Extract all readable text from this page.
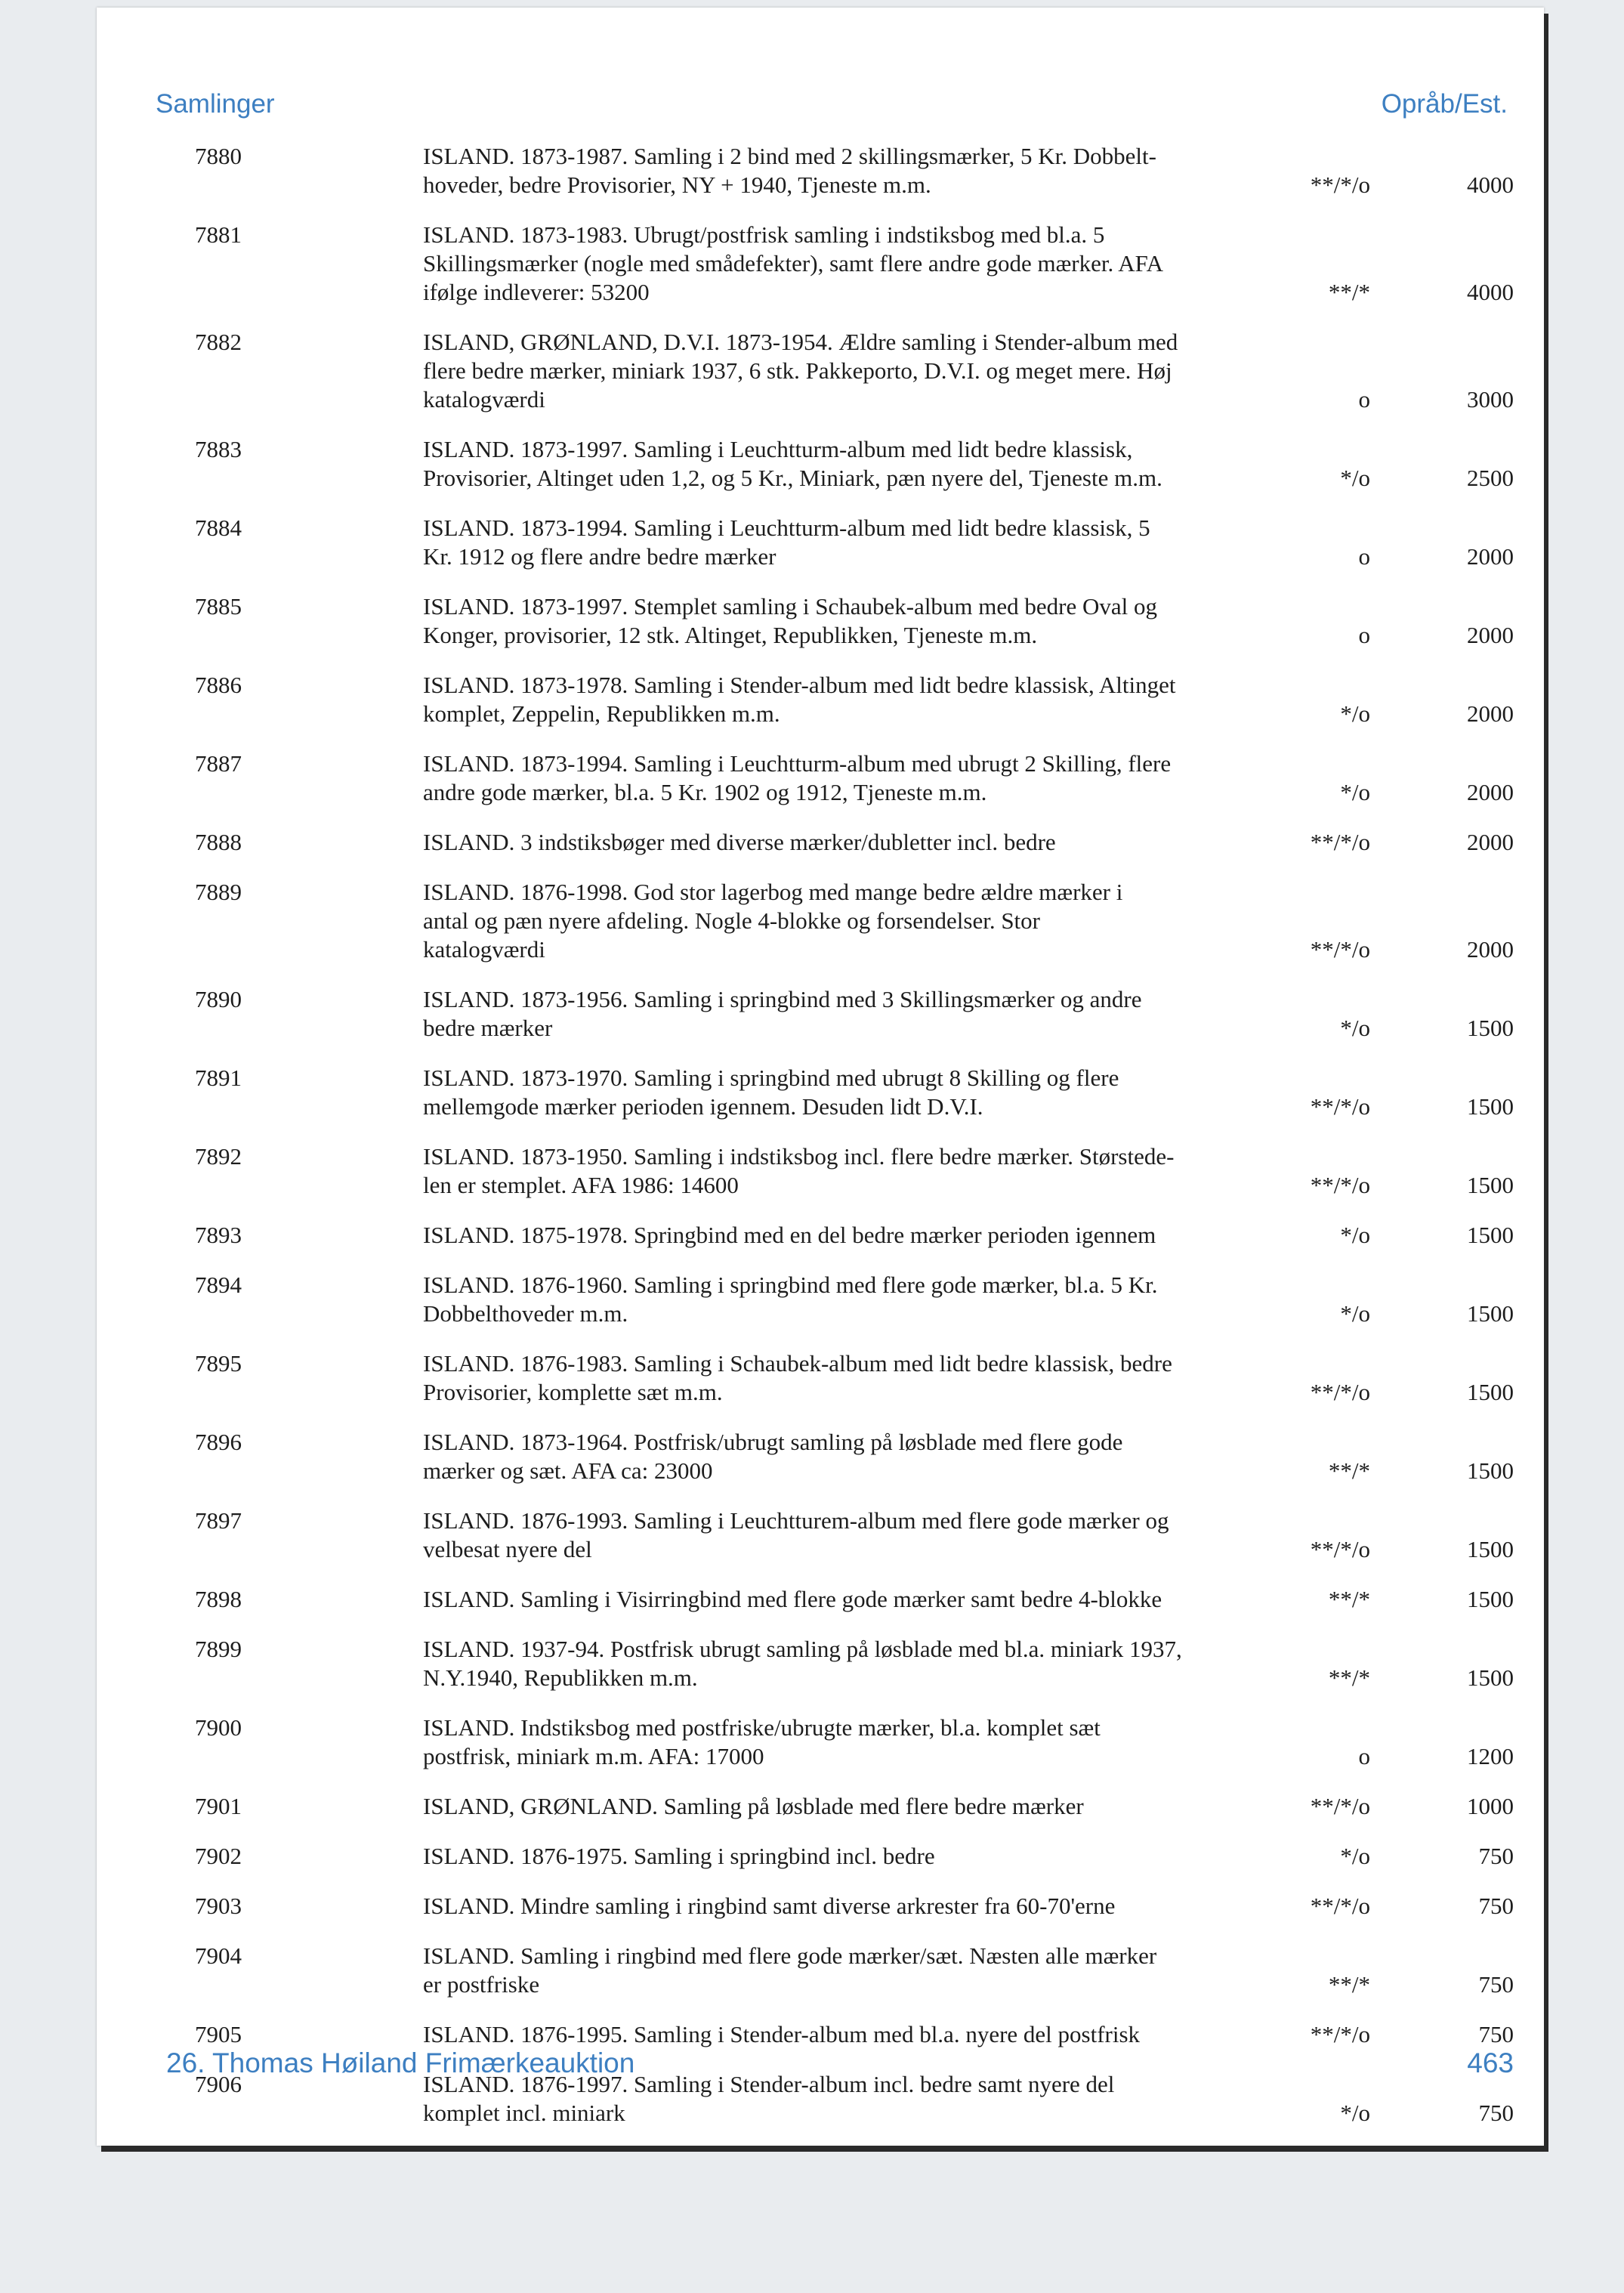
Samlinger	Opråb/Est.
7880	ISLAND. 1873-1987. Samling i 2 bind med 2 skillingsmærker, 5 Kr. Dobbelt-
hoveder, bedre Provisorier, NY + 1940, Tjeneste m.m.	**/*/o	4000
7881	ISLAND. 1873-1983. Ubrugt/postfrisk samling i indstiksbog med bl.a. 5
Skillingsmærker (nogle med smådefekter), samt flere andre gode mærker. AFA
ifølge indleverer: 53200	**/*	4000
7882	ISLAND, GRØNLAND, D.V.I. 1873-1954. Ældre samling i Stender-album med
flere bedre mærker, miniark 1937, 6 stk. Pakkeporto, D.V.I. og meget mere. Høj
katalogværdi	o	3000
7883	ISLAND. 1873-1997. Samling i Leuchtturm-album med lidt bedre klassisk,
Provisorier, Altinget uden 1,2, og 5 Kr., Miniark, pæn nyere del, Tjeneste m.m.	*/o	2500
7884	ISLAND. 1873-1994. Samling i Leuchtturm-album med lidt bedre klassisk, 5
Kr. 1912 og flere andre bedre mærker	o	2000
7885	ISLAND. 1873-1997. Stemplet samling i Schaubek-album med bedre Oval og
Konger, provisorier, 12 stk. Altinget, Republikken, Tjeneste m.m.	o	2000
7886	ISLAND. 1873-1978. Samling i Stender-album med lidt bedre klassisk, Altinget
komplet, Zeppelin, Republikken m.m.	*/o	2000
7887	ISLAND. 1873-1994. Samling i Leuchtturm-album med ubrugt 2 Skilling, flere
andre gode mærker, bl.a. 5 Kr. 1902 og 1912, Tjeneste m.m.	*/o	2000
7888	ISLAND. 3 indstiksbøger med diverse mærker/dubletter incl. bedre	**/*/o	2000
7889	ISLAND. 1876-1998. God stor lagerbog med mange bedre ældre mærker i
antal og pæn nyere afdeling. Nogle 4-blokke og forsendelser. Stor
katalogværdi	**/*/o	2000
7890	ISLAND. 1873-1956. Samling i springbind med 3 Skillingsmærker og andre
bedre mærker	*/o	1500
7891	ISLAND. 1873-1970. Samling i springbind med ubrugt 8 Skilling og flere
mellemgode mærker perioden igennem. Desuden lidt D.V.I.	**/*/o	1500
7892	ISLAND. 1873-1950. Samling i indstiksbog incl. flere bedre mærker. Størstede-
len er stemplet. AFA 1986: 14600	**/*/o	1500
7893	ISLAND. 1875-1978. Springbind med en del bedre mærker perioden igennem	*/o	1500
7894	ISLAND. 1876-1960. Samling i springbind med flere gode mærker, bl.a. 5 Kr.
Dobbelthoveder m.m.	*/o	1500
7895	ISLAND. 1876-1983. Samling i Schaubek-album med lidt bedre klassisk, bedre
Provisorier, komplette sæt m.m.	**/*/o	1500
7896	ISLAND. 1873-1964. Postfrisk/ubrugt samling på løsblade med flere gode
mærker og sæt. AFA ca: 23000	**/*	1500
7897	ISLAND. 1876-1993. Samling i Leuchtturem-album med flere gode mærker og
velbesat nyere del	**/*/o	1500
7898	ISLAND. Samling i Visirringbind med flere gode mærker samt bedre 4-blokke	**/*	1500
7899	ISLAND. 1937-94. Postfrisk ubrugt samling på løsblade med bl.a. miniark 1937,
N.Y.1940, Republikken m.m.	**/*	1500
7900	ISLAND. Indstiksbog med postfriske/ubrugte mærker, bl.a. komplet sæt
postfrisk, miniark m.m. AFA: 17000	o	1200
7901	ISLAND, GRØNLAND. Samling på løsblade med flere bedre mærker	**/*/o	1000
7902	ISLAND. 1876-1975. Samling i springbind incl. bedre	*/o	750
7903	ISLAND. Mindre samling i ringbind samt diverse arkrester fra 60-70'erne	**/*/o	750
7904	ISLAND. Samling i ringbind med flere gode mærker/sæt. Næsten alle mærker
er postfriske	**/*	750
7905	ISLAND. 1876-1995. Samling i Stender-album med bl.a. nyere del postfrisk	**/*/o	750
7906	ISLAND. 1876-1997. Samling i Stender-album incl. bedre samt nyere del
komplet incl. miniark	*/o	750
26. Thomas Høiland Frimærkeauktion	463
